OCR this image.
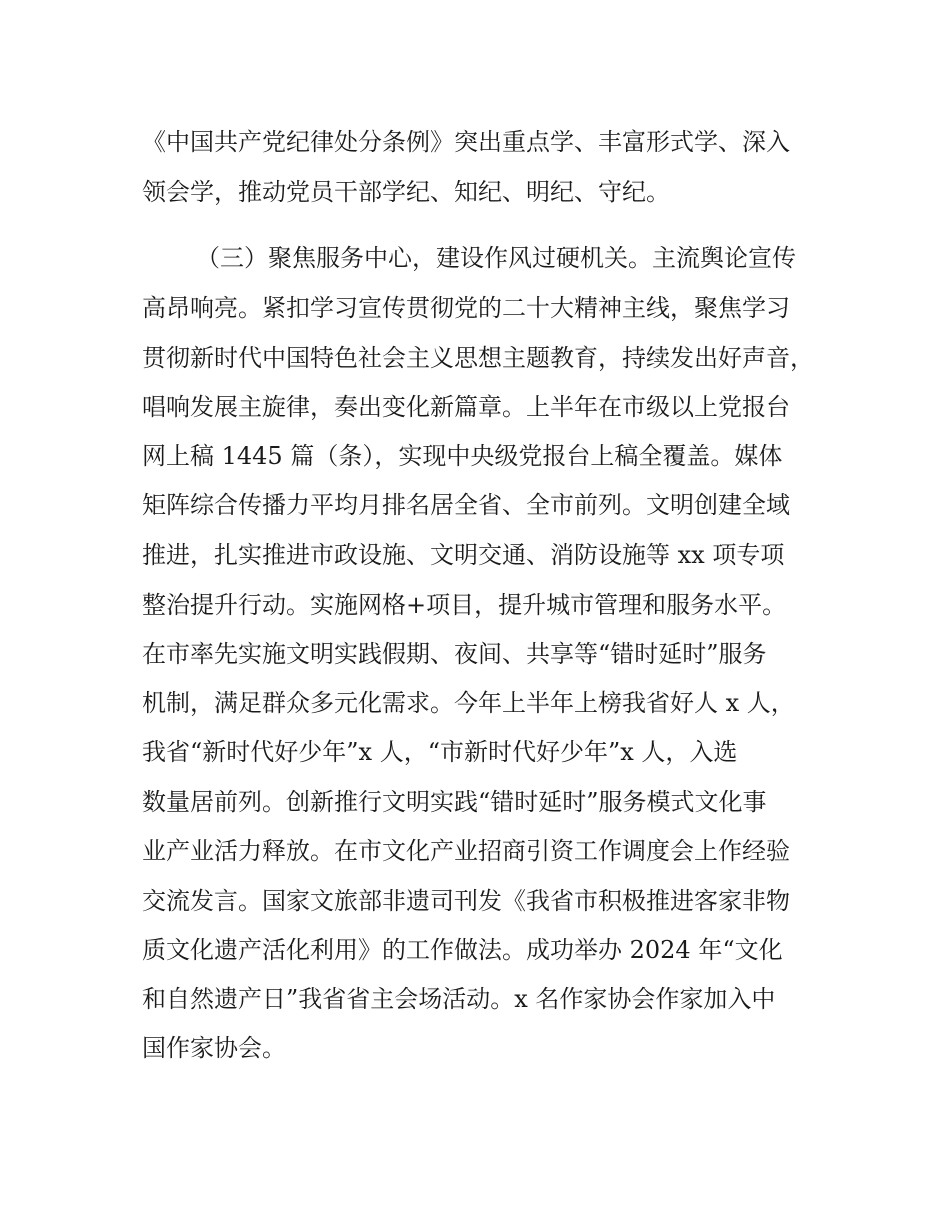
《中国共产党纪律处分条例》突出重点学、丰富形式学、深入
领会学，推动党员干部学纪、知纪、明纪、守纪。
（三）聚焦服务中心，建设作风过硬机关。主流舆论宣传
高昂响亮。紧扣学习宣传贯彻党的二十大精神主线，聚焦学习
贯彻新时代中国特色社会主义思想主题教育，持续发出好声音，
唱响发展主旋律，奏出变化新篇章。上半年在市级以上党报台
网上稿 1445 篇（条），实现中央级党报台上稿全覆盖。媒体
矩阵综合传播力平均月排名居全省、全市前列。文明创建全域
推进，扎实推进市政设施、文明交通、消防设施等 xx 项专项
整治提升行动。实施网格+项目，提升城市管理和服务水平。
在市率先实施文明实践假期、夜间、共享等“错时延时”服务
机制，满足群众多元化需求。今年上半年上榜我省好人 x 人，
我省“新时代好少年”x 人，“市新时代好少年”x 人，入选
数量居前列。创新推行文明实践“错时延时”服务模式文化事
业产业活力释放。在市文化产业招商引资工作调度会上作经验
交流发言。国家文旅部非遗司刊发《我省市积极推进客家非物
质文化遗产活化利用》的工作做法。成功举办 2024 年“文化
和自然遗产日”我省省主会场活动。x 名作家协会作家加入中
国作家协会。
